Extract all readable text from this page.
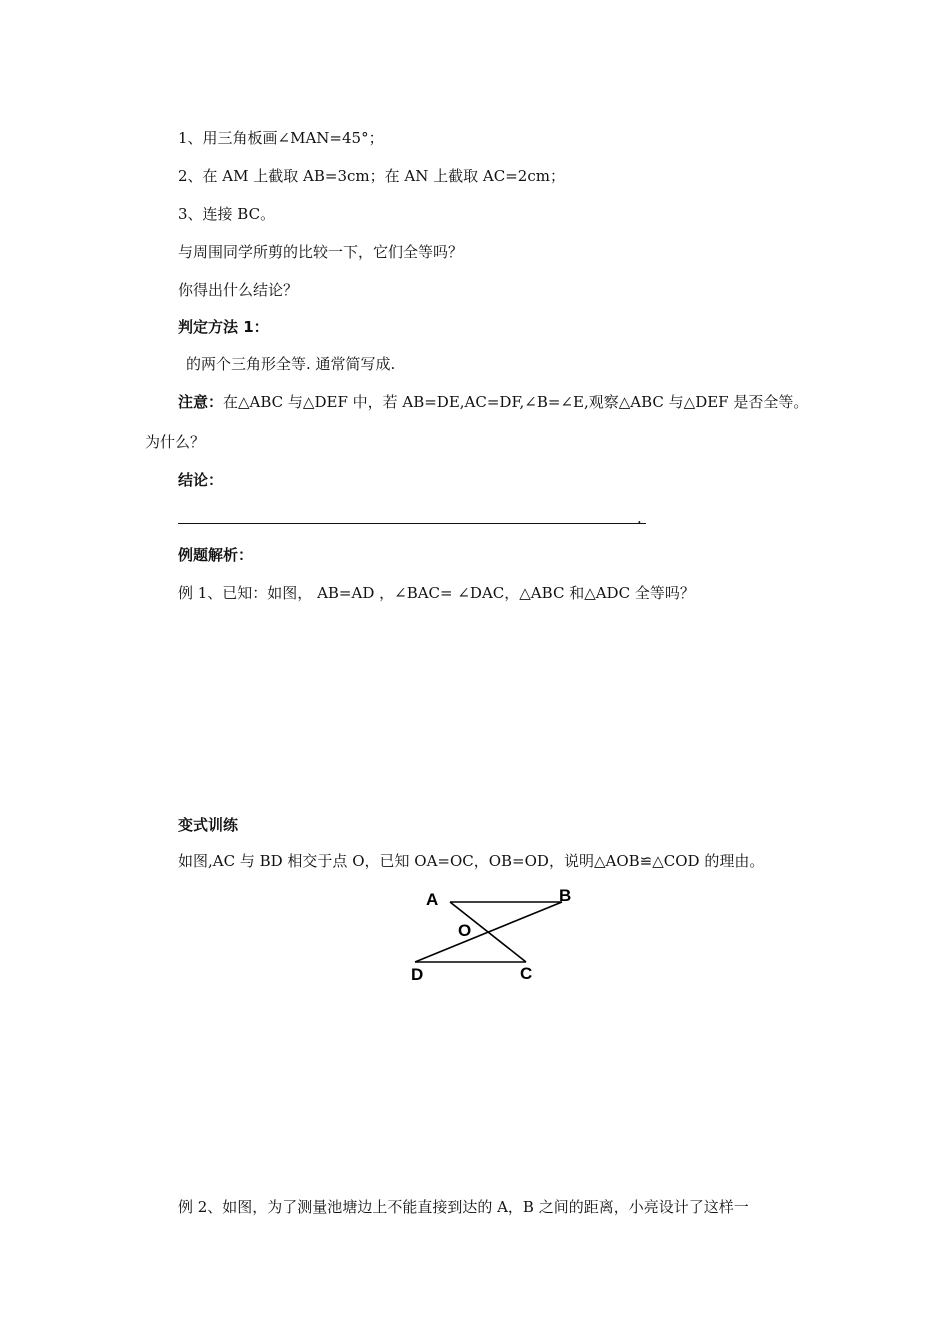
1、用三角板画∠MAN=45°；
2、在 AM 上截取 AB=3cm；在 AN 上截取 AC=2cm；
3、连接 BC。
与周围同学所剪的比较一下，它们全等吗？
你得出什么结论？
判定方法 1：
的两个三角形全等. 通常简写成.
注意：在△ABC 与△DEF 中，若 AB=DE,AC=DF,∠B=∠E,观察△ABC 与△DEF 是否全等。
为什么？
结论：
.
例题解析：
例 1、已知：如图， AB=AD ，∠BAC= ∠DAC，△ABC 和△ADC 全等吗？
变式训练
如图,AC 与 BD 相交于点 O，已知 OA=OC，OB=OD，说明△AOB≌△COD 的理由。
A	B
O
D	C
例 2、如图，为了测量池塘边上不能直接到达的 A，B 之间的距离，小亮设计了这样一
